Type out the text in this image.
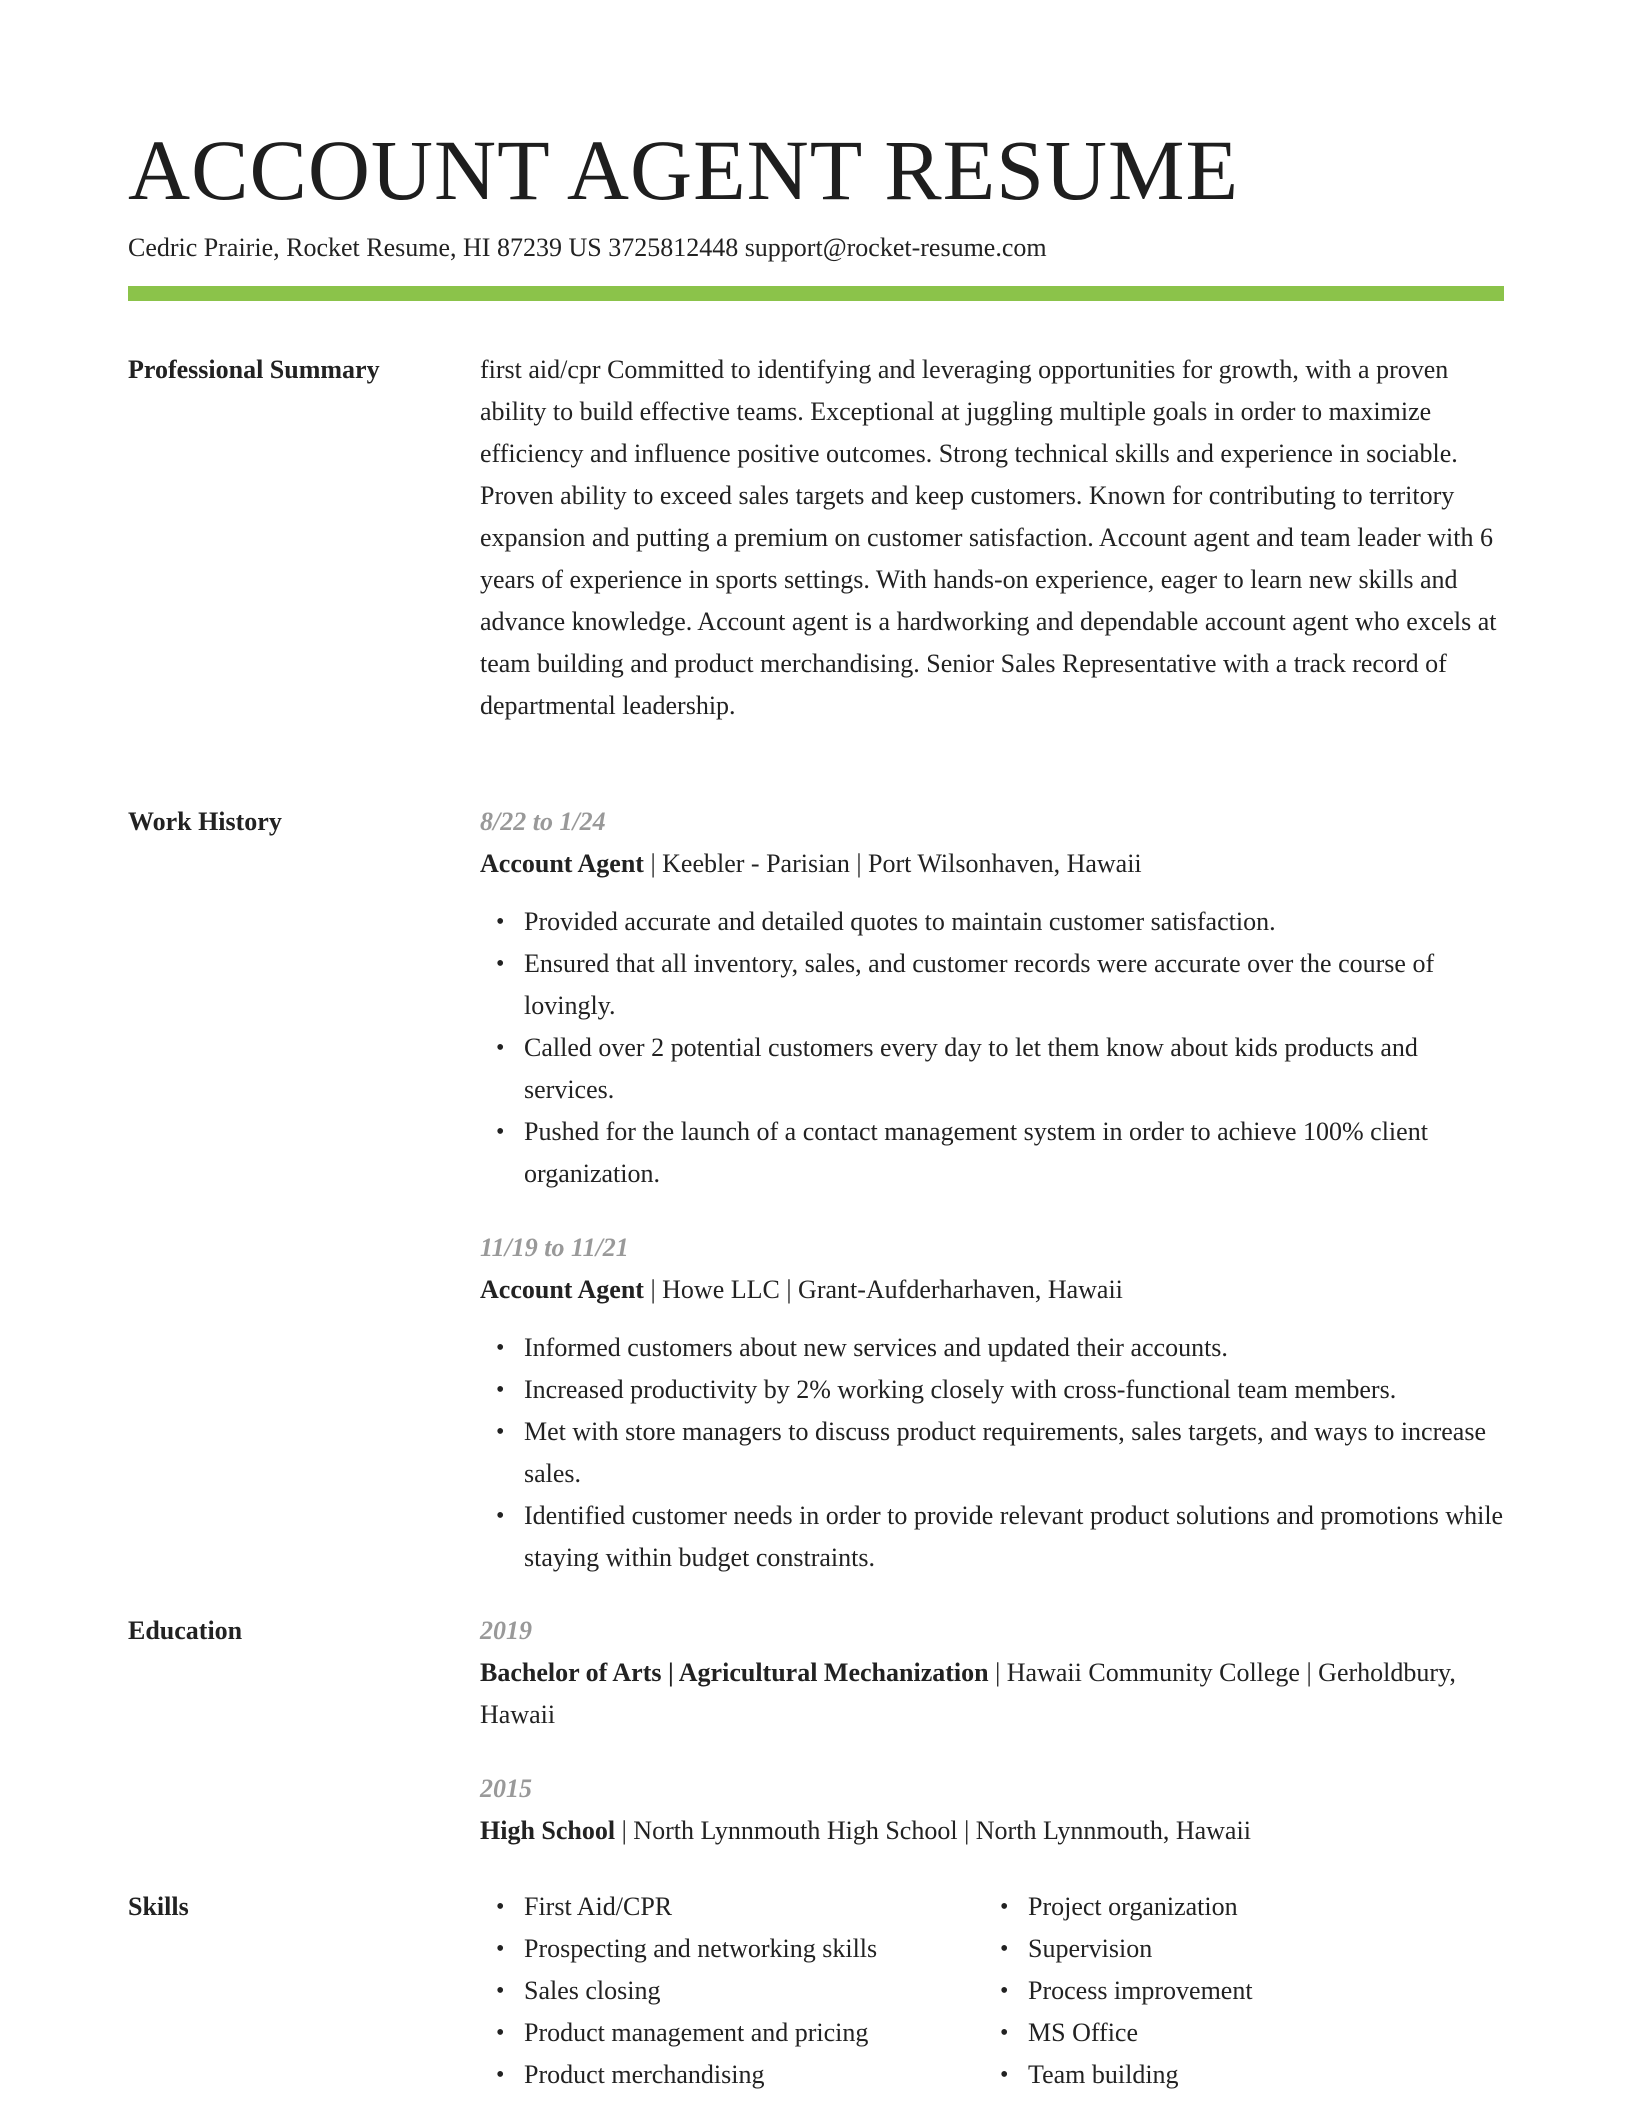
ACCOUNT AGENT RESUME
Cedric Prairie, Rocket Resume, HI 87239 US 3725812448 support@rocket-resume.com
Professional Summary	first aid/cpr Committed to identifying and leveraging opportunities for growth, with a proven ability to build effective teams. Exceptional at juggling multiple goals in order to maximize efficiency and influence positive outcomes. Strong technical skills and experience in sociable. Proven ability to exceed sales targets and keep customers. Known for contributing to territory expansion and putting a premium on customer satisfaction. Account agent and team leader with 6 years of experience in sports settings. With hands-on experience, eager to learn new skills and advance knowledge. Account agent is a hardworking and dependable account agent who excels at team building and product merchandising. Senior Sales Representative with a track record of departmental leadership.

Work History	8/22 to 1/24
Account Agent | Keebler - Parisian | Port Wilsonhaven, Hawaii
• Provided accurate and detailed quotes to maintain customer satisfaction.
• Ensured that all inventory, sales, and customer records were accurate over the course of lovingly.
• Called over 2 potential customers every day to let them know about kids products and services.
• Pushed for the launch of a contact management system in order to achieve 100% client organization.
11/19 to 11/21
Account Agent | Howe LLC | Grant-Aufderharhaven, Hawaii
• Informed customers about new services and updated their accounts.
• Increased productivity by 2% working closely with cross-functional team members.
• Met with store managers to discuss product requirements, sales targets, and ways to increase sales.
• Identified customer needs in order to provide relevant product solutions and promotions while staying within budget constraints.
Education	2019
Bachelor of Arts | Agricultural Mechanization | Hawaii Community College | Gerholdbury, Hawaii
2015
High School | North Lynnmouth High School | North Lynnmouth, Hawaii
Skills
•	First Aid/CPR
• Prospecting and networking skills
• Sales closing
• Product management and pricing
• Product merchandising
• Project organization
• Supervision
• Process improvement
• MS Office
• Team building
